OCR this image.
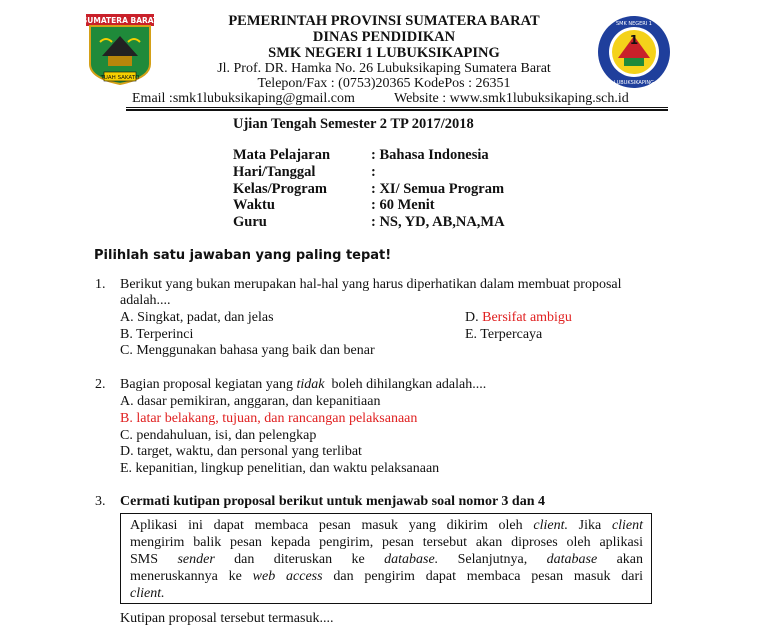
SUMATERA BARAT
TUAH SAKATO
1
SMK NEGERI 1
LUBUKSIKAPING
PEMERINTAH PROVINSI SUMATERA BARAT
DINAS PENDIDIKAN
SMK NEGERI 1 LUBUKSIKAPING
Jl. Prof. DR. Hamka No. 26 Lubuksikaping Sumatera Barat
Telepon/Fax : (0753)20365 KodePos : 26351
Email :smk1lubuksikaping@gmail.com	Website : www.smk1lubuksikaping.sch.id
Ujian Tengah Semester 2 TP 2017/2018
Mata Pelajaran	: Bahasa Indonesia
Hari/Tanggal	:
Kelas/Program	: XI/ Semua Program
Waktu	: 60 Menit
Guru	: NS, YD, AB,NA,MA
Pilihlah satu jawaban yang paling tepat!
1. Berikut yang bukan merupakan hal-hal yang harus diperhatikan dalam membuat proposal
adalah....
A. Singkat, padat, dan jelas
B. Terperinci
C. Menggunakan bahasa yang baik dan benar
D. Bersifat ambigu
E. Terpercaya
2. Bagian proposal kegiatan yang tidak boleh dihilangkan adalah....
A. dasar pemikiran, anggaran, dan kepanitiaan
B. latar belakang, tujuan, dan rancangan pelaksanaan
C. pendahuluan, isi, dan pelengkap
D. target, waktu, dan personal yang terlibat
E. kepanitian, lingkup penelitian, dan waktu pelaksanaan
3. Cermati kutipan proposal berikut untuk menjawab soal nomor 3 dan 4
Aplikasi ini dapat membaca pesan masuk yang dikirim oleh client. Jika client
mengirim balik pesan kepada pengirim, pesan tersebut akan diproses oleh aplikasi
SMS sender dan diteruskan ke database. Selanjutnya, database akan
meneruskannya ke web access dan pengirim dapat membaca pesan masuk dari
client.
Kutipan proposal tersebut termasuk....
